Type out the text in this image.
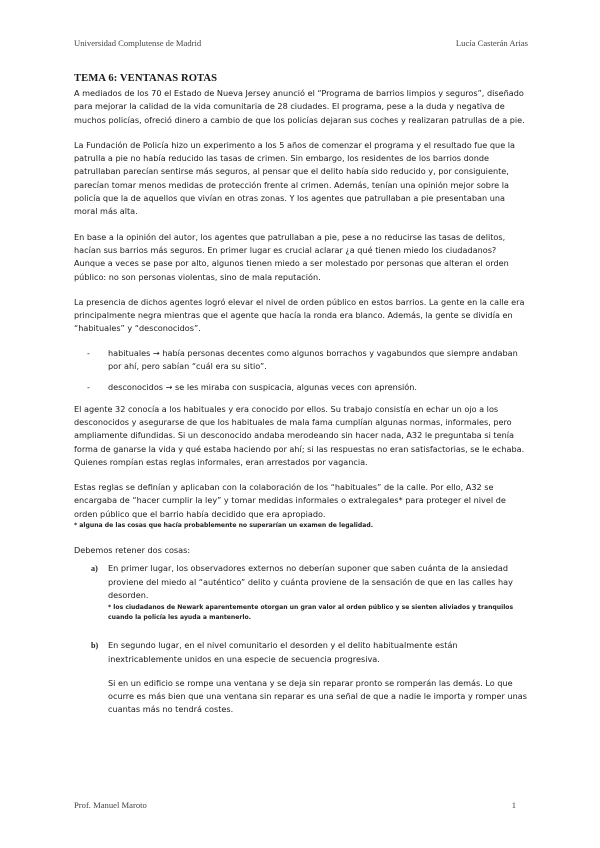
Universidad Complutense de Madrid	Lucía Casterán Arias
TEMA 6: VENTANAS ROTAS

A mediados de los 70 el Estado de Nueva Jersey anunció el “Programa de barrios limpios y seguros”, diseñado para mejorar la calidad de la vida comunitaria de 28 ciudades. El programa, pese a la duda y negativa de muchos policías, ofreció dinero a cambio de que los policías dejaran sus coches y realizaran patrullas de a pie.

La Fundación de Policía hizo un experimento a los 5 años de comenzar el programa y el resultado fue que la patrulla a pie no había reducido las tasas de crimen. Sin embargo, los residentes de los barrios donde patrullaban parecían sentirse más seguros, al pensar que el delito había sido reducido y, por consiguiente, parecían tomar menos medidas de protección frente al crimen. Además, tenían una opinión mejor sobre la policía que la de aquellos que vivían en otras zonas. Y los agentes que patrullaban a pie presentaban una moral más alta.

En base a la opinión del autor, los agentes que patrullaban a pie, pese a no reducirse las tasas de delitos, hacían sus barrios más seguros. En primer lugar es crucial aclarar ¿a qué tienen miedo los ciudadanos? Aunque a veces se pase por alto, algunos tienen miedo a ser molestado por personas que alteran el orden público: no son personas violentas, sino de mala reputación.

La presencia de dichos agentes logró elevar el nivel de orden público en estos barrios. La gente en la calle era principalmente negra mientras que el agente que hacía la ronda era blanco. Además, la gente se dividía en “habituales” y “desconocidos”.

- habituales → había personas decentes como algunos borrachos y vagabundos que siempre andaban por ahí, pero sabían “cuál era su sitio”.
- desconocidos → se les miraba con suspicacia, algunas veces con aprensión.

El agente 32 conocía a los habituales y era conocido por ellos. Su trabajo consistía en echar un ojo a los desconocidos y asegurarse de que los habituales de mala fama cumplían algunas normas, informales, pero ampliamente difundidas. Si un desconocido andaba merodeando sin hacer nada, A32 le preguntaba si tenía forma de ganarse la vida y qué estaba haciendo por ahí; si las respuestas no eran satisfactorias, se le echaba. Quienes rompían estas reglas informales, eran arrestados por vagancia.

Estas reglas se definían y aplicaban con la colaboración de los “habituales” de la calle. Por ello, A32 se encargaba de “hacer cumplir la ley” y tomar medidas informales o extralegales* para proteger el nivel de orden público que el barrio había decidido que era apropiado.

* alguna de las cosas que hacía probablemente no superarían un examen de legalidad.

Debemos retener dos cosas:

a) En primer lugar, los observadores externos no deberían suponer que saben cuánta de la ansiedad proviene del miedo al “auténtico” delito y cuánta proviene de la sensación de que en las calles hay desorden.

* los ciudadanos de Newark aparentemente otorgan un gran valor al orden público y se sienten aliviados y tranquilos cuando la policía les ayuda a mantenerlo.
b) En segundo lugar, en el nivel comunitario el desorden y el delito habitualmente están inextricablemente unidos en una especie de secuencia progresiva.

Si en un edificio se rompe una ventana y se deja sin reparar pronto se romperán las demás. Lo que ocurre es más bien que una ventana sin reparar es una señal de que a nadie le importa y romper unas cuantas más no tendrá costes.

Prof. Manuel Maroto	1
